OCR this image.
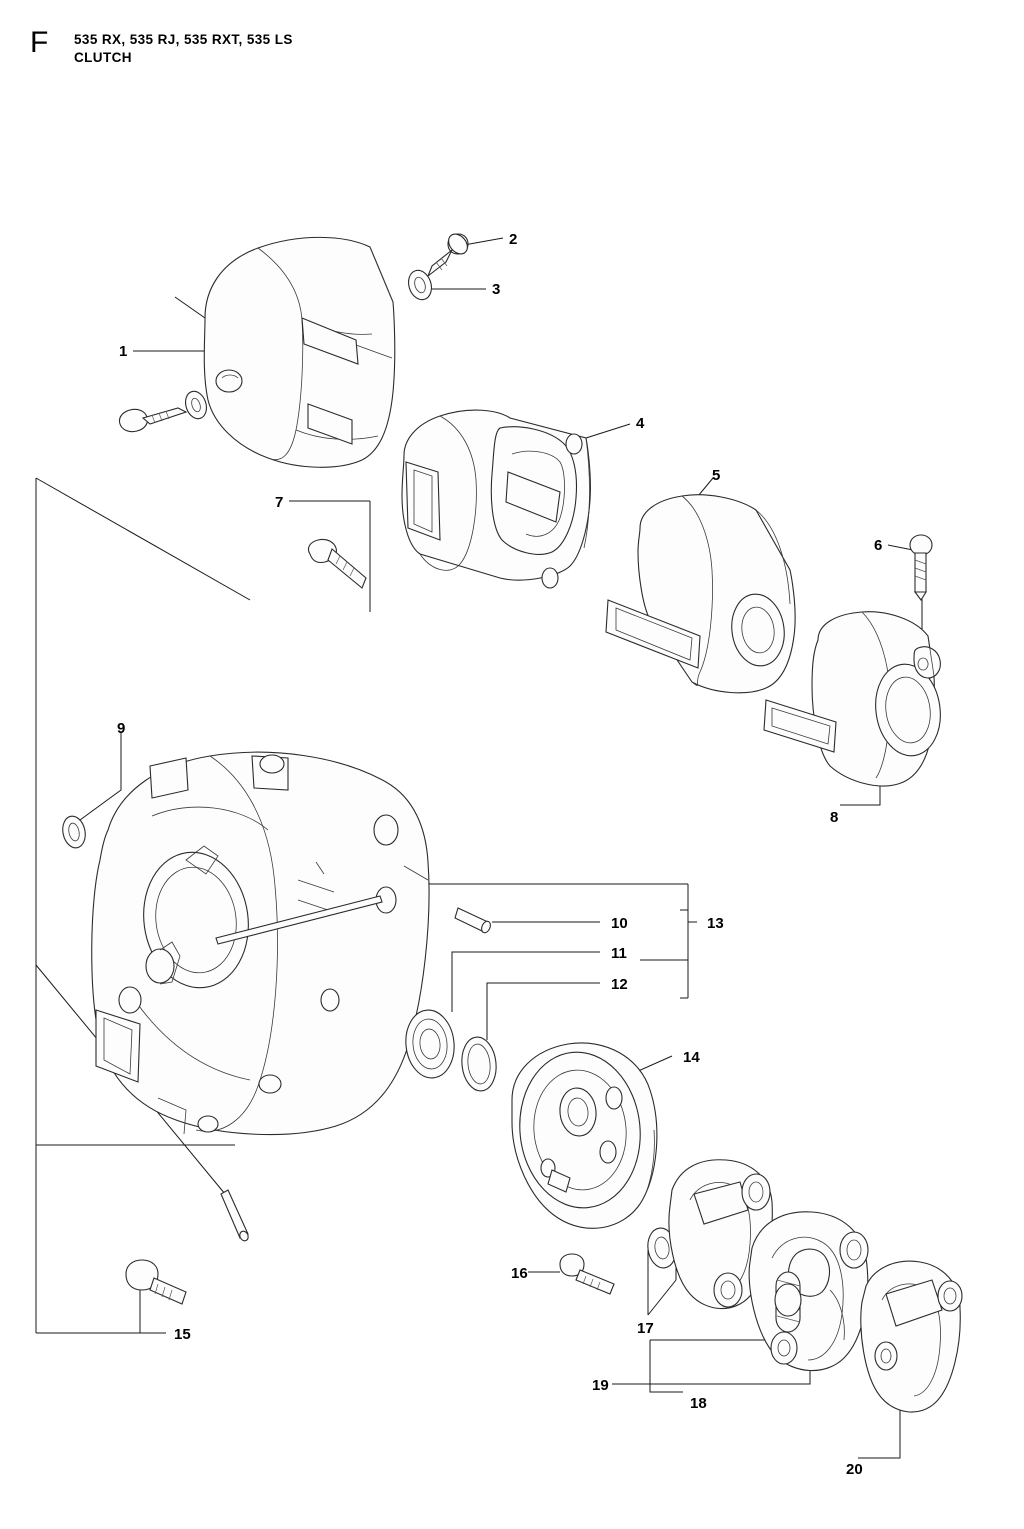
F 535 RX, 535 RJ, 535 RXT, 535 LS
CLUTCH
1
2
3
4
5
6
7
8
9
10
11
12
13
14
15
16
17
18
19
20
